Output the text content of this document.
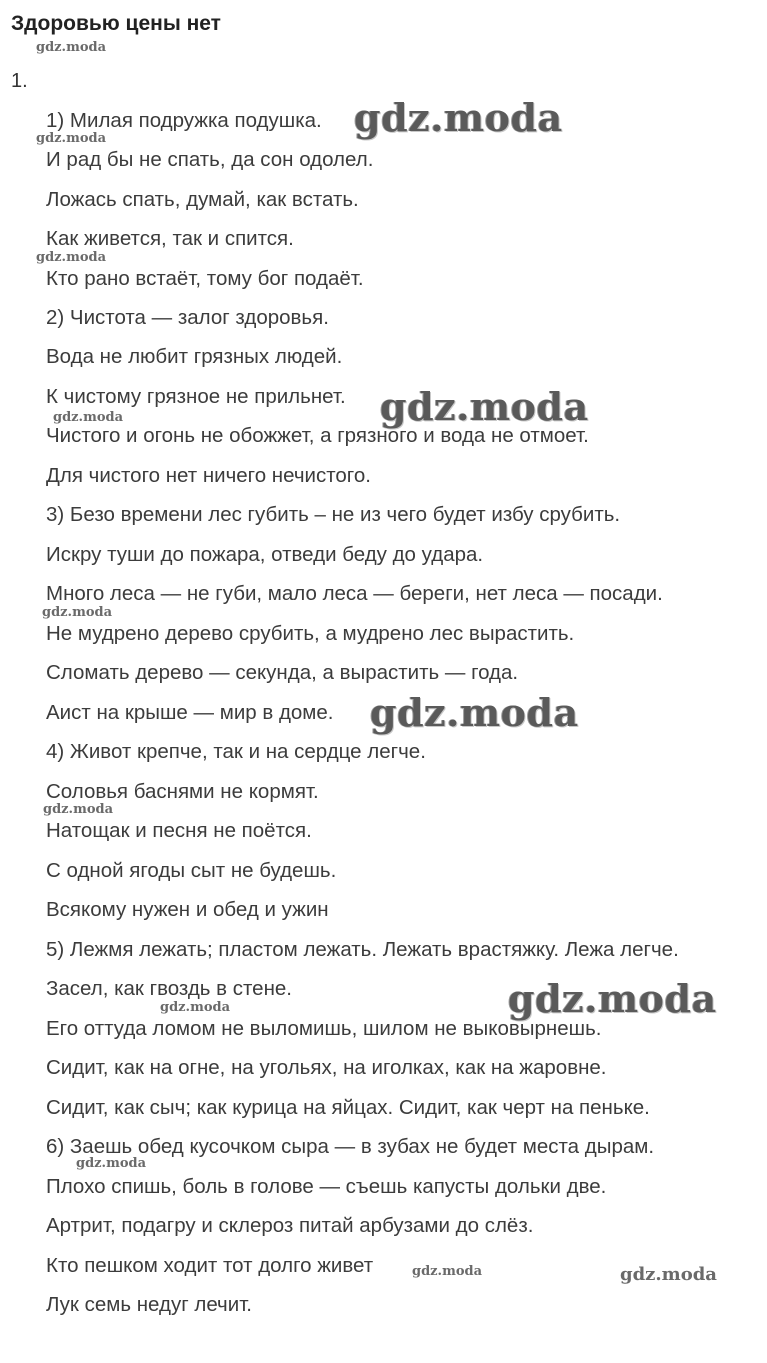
Здоровью цены нет
1.
1) Милая подружка подушка.
И рад бы не спать, да сон одолел.
Ложась спать, думай, как встать.
Как живется, так и спится.
Кто рано встаёт, тому бог подаёт.
2) Чистота — залог здоровья.
Вода не любит грязных людей.
К чистому грязное не прильнет.
Чистого и огонь не обожжет, а грязного и вода не отмоет.
Для чистого нет ничего нечистого.
3) Безо времени лес губить – не из чего будет избу срубить.
Искру туши до пожара, отведи беду до удара.
Много леса — не губи, мало леса — береги, нет леса — посади.
Не мудрено дерево срубить, а мудрено лес вырастить.
Сломать дерево — секунда, а вырастить — года.
Аист на крыше — мир в доме.
4) Живот крепче, так и на сердце легче.
Соловья баснями не кормят.
Натощак и песня не поётся.
С одной ягоды сыт не будешь.
Всякому нужен и обед и ужин
5) Лежмя лежать; пластом лежать. Лежать врастяжку. Лежа легче.
Засел, как гвоздь в стене.
Его оттуда ломом не выломишь, шилом не выковырнешь.
Сидит, как на огне, на угольях, на иголках, как на жаровне.
Сидит, как сыч; как курица на яйцах. Сидит, как черт на пеньке.
6) Заешь обед кусочком сыра — в зубах не будет места дырам.
Плохо спишь, боль в голове — съешь капусты дольки две.
Артрит, подагру и склероз питай арбузами до слёз.
Кто пешком ходит тот долго живет
Лук семь недуг лечит.
gdz.moda
gdz.moda
gdz.moda
gdz.moda
gdz.moda
gdz.moda
gdz.moda
gdz.moda
gdz.moda
gdz.moda	gdz.moda
gdz.moda
gdz.moda	gdz.moda
